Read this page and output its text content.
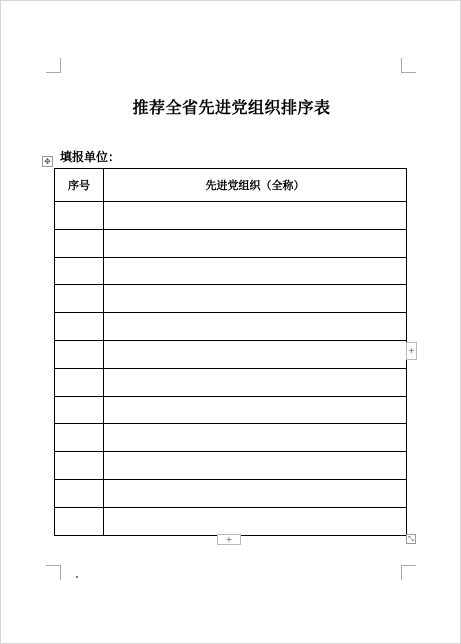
推荐全省先进党组织排序表
填报单位：
✥
序号	先进党组织（全称）

+
+	⤡
